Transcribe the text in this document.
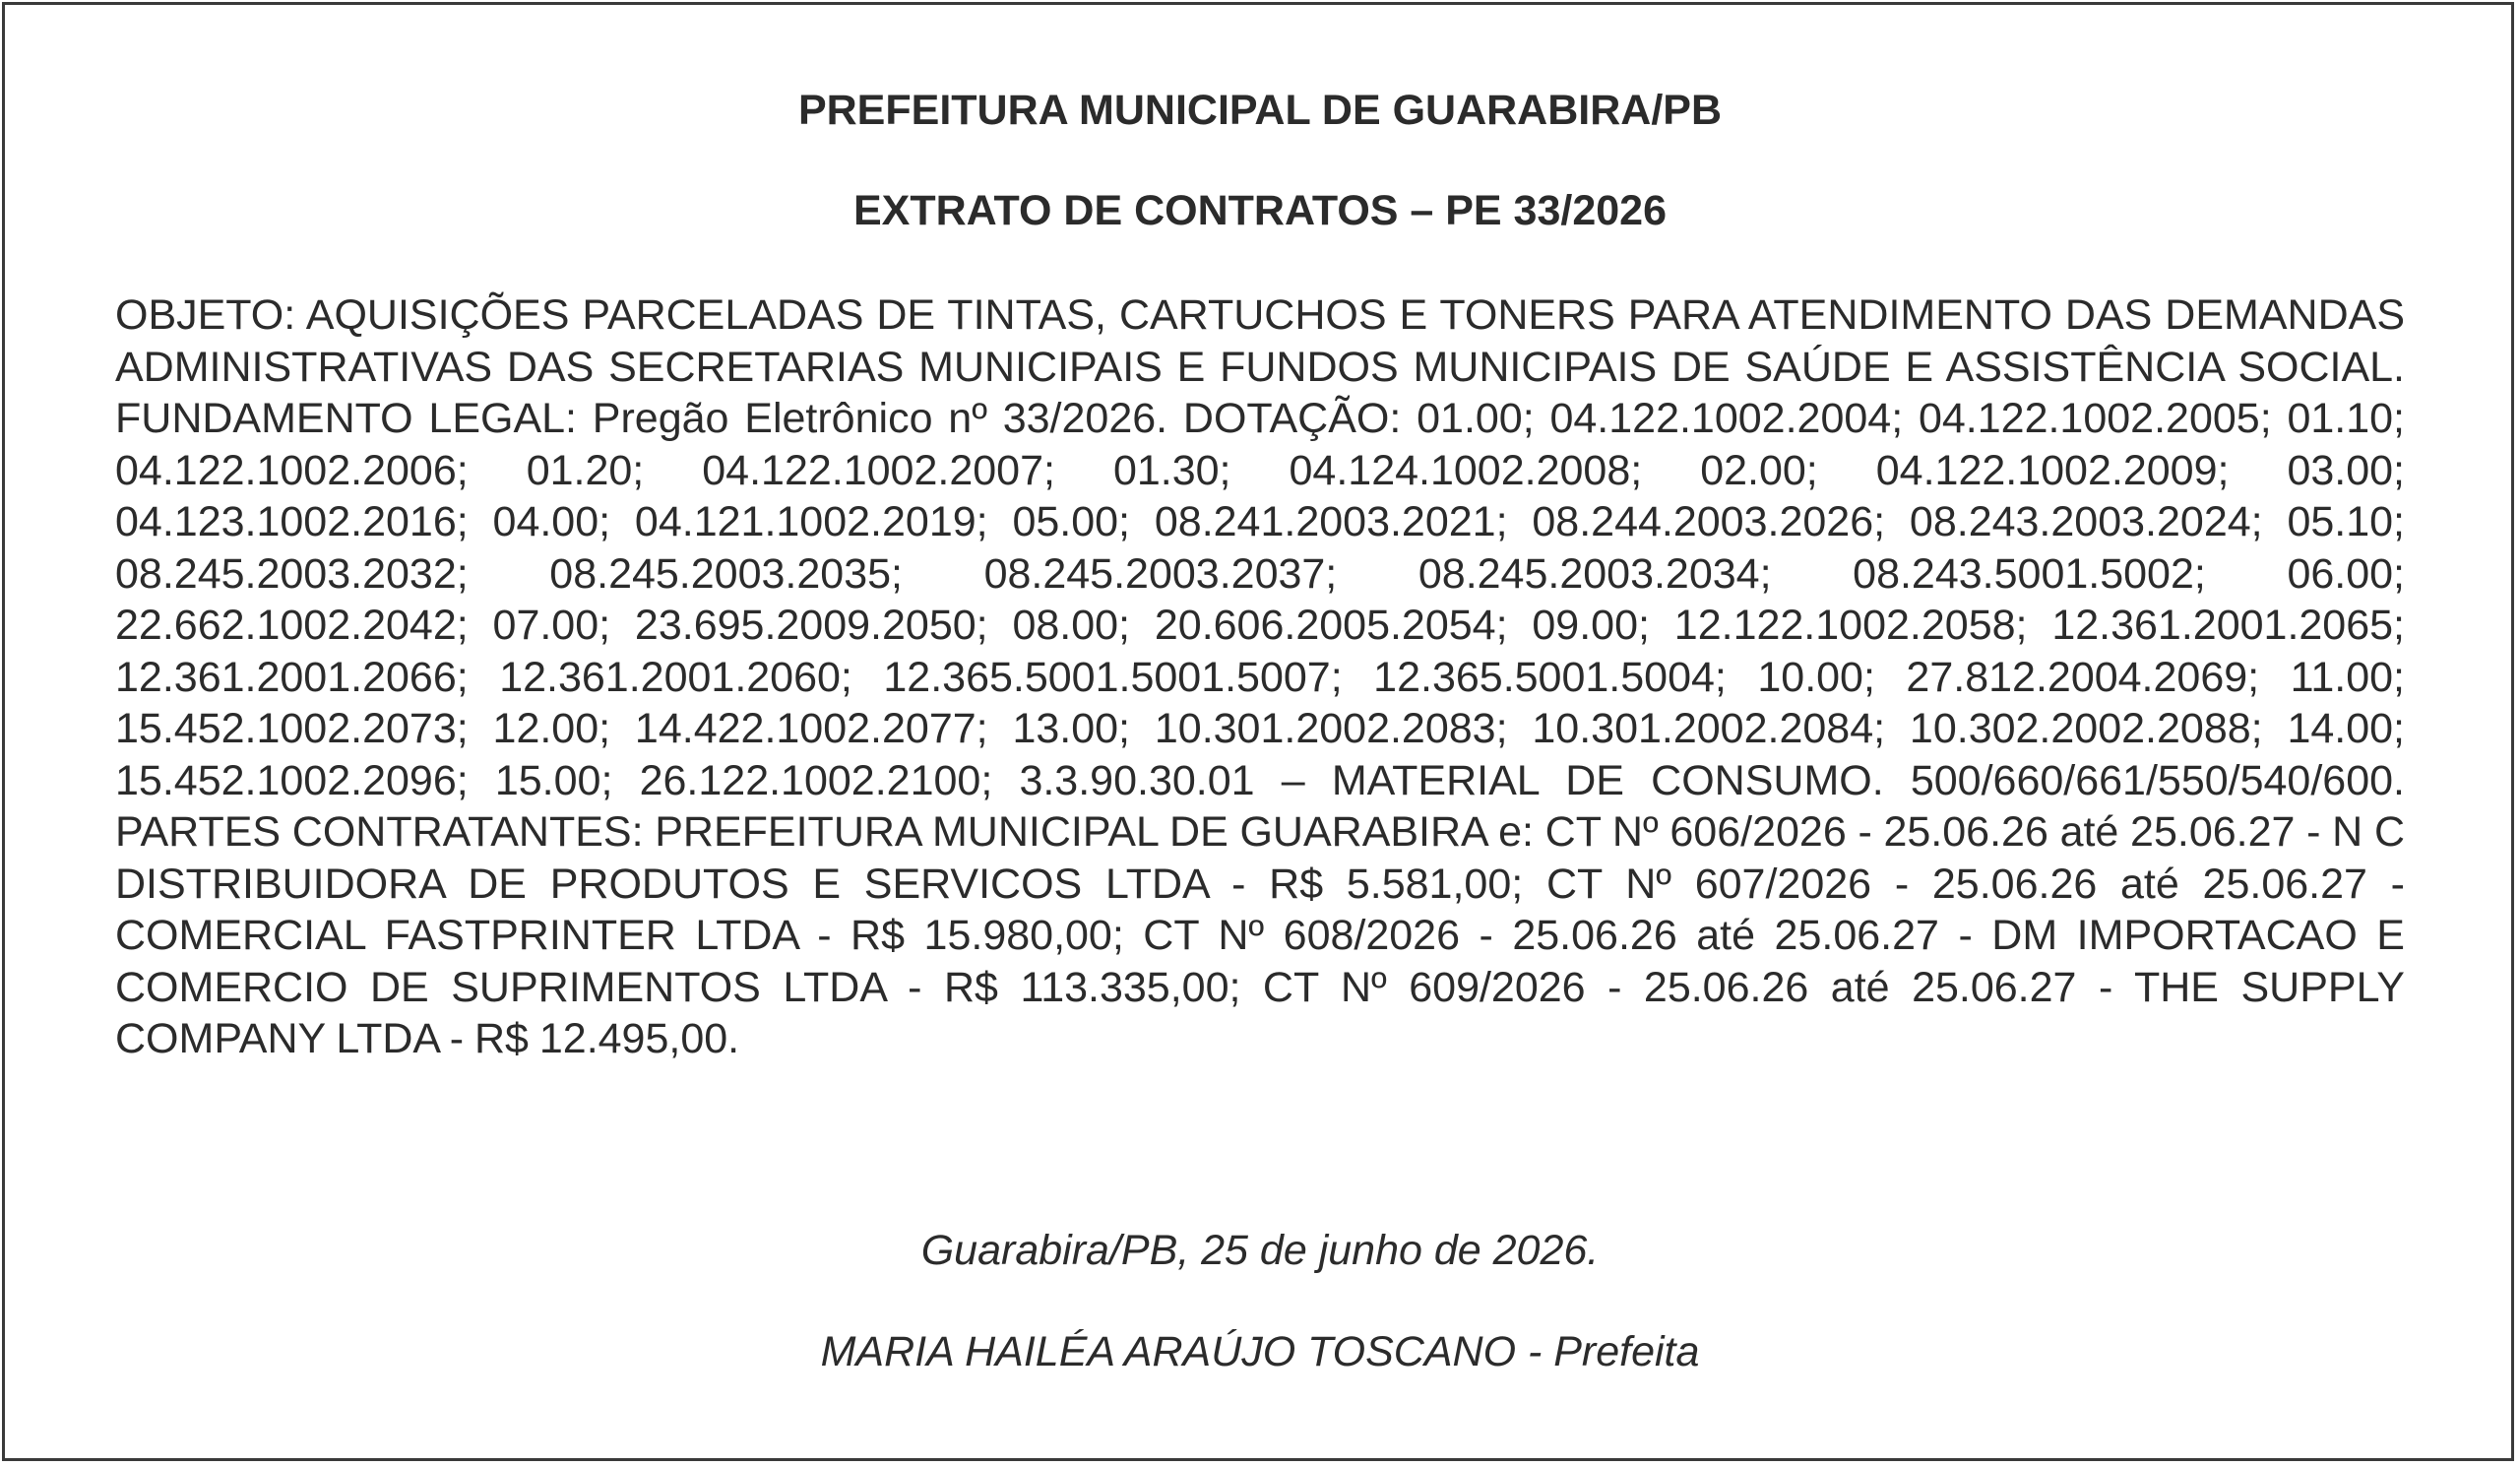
PREFEITURA MUNICIPAL DE GUARABIRA/PB

EXTRATO DE CONTRATOS – PE 33/2026

OBJETO: AQUISIÇÕES PARCELADAS DE TINTAS, CARTUCHOS E TONERS PARA ATENDIMENTO DAS DEMANDAS ADMINISTRATIVAS DAS SECRETARIAS MUNICIPAIS E FUNDOS MUNICIPAIS DE SAÚDE E ASSISTÊNCIA SOCIAL. FUNDAMENTO LEGAL: Pregão Eletrônico nº 33/2026. DOTAÇÃO: 01.00; 04.122.1002.2004; 04.122.1002.2005; 01.10; 04.122.1002.2006; 01.20; 04.122.1002.2007; 01.30; 04.124.1002.2008; 02.00; 04.122.1002.2009; 03.00; 04.123.1002.2016; 04.00; 04.121.1002.2019; 05.00; 08.241.2003.2021; 08.244.2003.2026; 08.243.2003.2024; 05.10; 08.245.2003.2032; 08.245.2003.2035; 08.245.2003.2037; 08.245.2003.2034; 08.243.5001.5002; 06.00; 22.662.1002.2042; 07.00; 23.695.2009.2050; 08.00; 20.606.2005.2054; 09.00; 12.122.1002.2058; 12.361.2001.2065; 12.361.2001.2066; 12.361.2001.2060; 12.365.5001.5001.5007; 12.365.5001.5004; 10.00; 27.812.2004.2069; 11.00; 15.452.1002.2073; 12.00; 14.422.1002.2077; 13.00; 10.301.2002.2083; 10.301.2002.2084; 10.302.2002.2088; 14.00; 15.452.1002.2096; 15.00; 26.122.1002.2100; 3.3.90.30.01 – MATERIAL DE CONSUMO. 500/660/661/550/540/600. PARTES CONTRATANTES: PREFEITURA MUNICIPAL DE GUARABIRA e: CT Nº 606/2026 - 25.06.26 até 25.06.27 - N C DISTRIBUIDORA DE PRODUTOS E SERVICOS LTDA - R$ 5.581,00; CT Nº 607/2026 - 25.06.26 até 25.06.27 - COMERCIAL FASTPRINTER LTDA - R$ 15.980,00; CT Nº 608/2026 - 25.06.26 até 25.06.27 - DM IMPORTACAO E COMERCIO DE SUPRIMENTOS LTDA - R$ 113.335,00; CT Nº 609/2026 - 25.06.26 até 25.06.27 - THE SUPPLY COMPANY LTDA - R$ 12.495,00.

Guarabira/PB, 25 de junho de 2026.

MARIA HAILÉA ARAÚJO TOSCANO - Prefeita
